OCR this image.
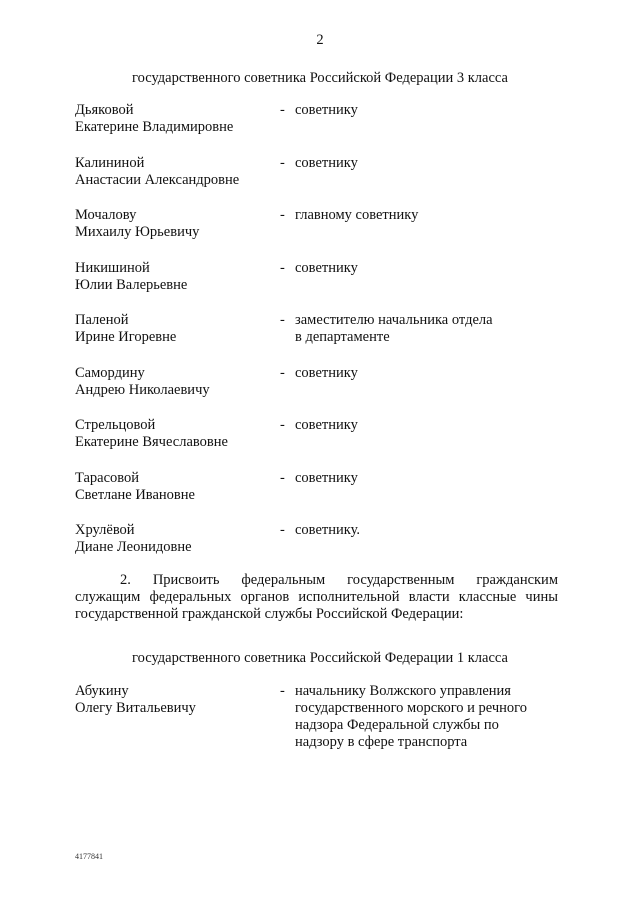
2
государственного советника Российской Федерации 3 класса
Дьяковой
Екатерине Владимировне
- советнику
Калининой
Анастасии Александровне
- советнику
Мочалову
Михаилу Юрьевичу
- главному советнику
Никишиной
Юлии Валерьевне
- советнику
Паленой
Ирине Игоревне
- заместителю начальника отдела
в департаменте
Самордину
Андрею Николаевичу
- советнику
Стрельцовой
Екатерине Вячеславовне
- советнику
Тарасовой
Светлане Ивановне
- советнику
Хрулёвой
Диане Леонидовне
- советнику.
2. Присвоить федеральным государственным гражданским
служащим федеральных органов исполнительной власти классные чины государственной гражданской службы Российской Федерации:
государственного советника Российской Федерации 1 класса
Абукину
Олегу Витальевичу
- начальнику Волжского управления
государственного морского и речного
надзора Федеральной службы по
надзору в сфере транспорта
4177841
